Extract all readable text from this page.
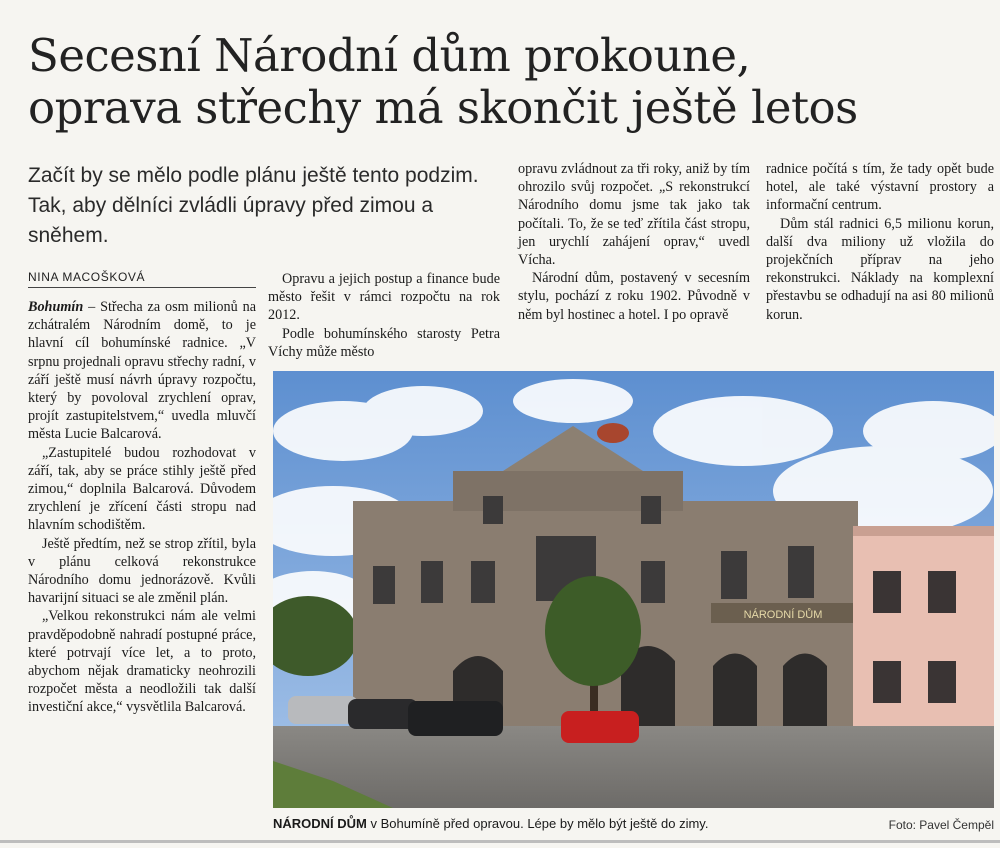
Secesní Národní dům prokoune,
oprava střechy má skončit ještě letos
Začít by se mělo podle plánu ještě tento podzim. Tak, aby dělníci zvládli úpravy před zimou a sněhem.
NINA MACOŠKOVÁ

Bohumín – Střecha za osm milionů na zchátralém Národním domě, to je hlavní cíl bohumínské radnice. „V srpnu projednali opravu střechy radní, v září ještě musí návrh úpravy rozpočtu, který by povoloval zrychlení oprav, projít zastupitelstvem,“ uvedla mluvčí města Lucie Balcarová.

„Zastupitelé budou rozhodovat v září, tak, aby se práce stihly ještě před zimou,“ doplnila Balcarová. Důvodem zrychlení je zřícení části stropu nad hlavním schodištěm.

Ještě předtím, než se strop zřítil, byla v plánu celková rekonstrukce Národního domu jednorázově. Kvůli havarijní situaci se ale změnil plán.

„Velkou rekonstrukci nám ale velmi pravděpodobně nahradí postupné práce, které potrvají více let, a to proto, abychom nějak dramaticky neohrozili rozpočet města a neodložili tak další investiční akce,“ vysvětlila Balcarová.

Opravu a jejich postup a finance bude město řešit v rámci rozpočtu na rok 2012.

Podle bohumínského starosty Petra Víchy může město

opravu zvládnout za tři roky, aniž by tím ohrozilo svůj rozpočet. „S rekonstrukcí Národního domu jsme tak jako tak počítali. To, že se teď zřítila část stropu, jen urychlí zahájení oprav,“ uvedl Vícha.

Národní dům, postavený v secesním stylu, pochází z roku 1902. Původně v něm byl hostinec a hotel. I po opravě

radnice počítá s tím, že tady opět bude hotel, ale také výstavní prostory a informační centrum.

Dům stál radnici 6,5 milionu korun, další dva miliony už vložila do projekčních příprav na jeho rekonstrukci. Náklady na komplexní přestavbu se odhadují na asi 80 milionů korun.

NÁRODNÍ DŮM
NÁRODNÍ DŮM v Bohumíně před opravou. Lépe by mělo být ještě do zimy.	Foto: Pavel Čempěl
